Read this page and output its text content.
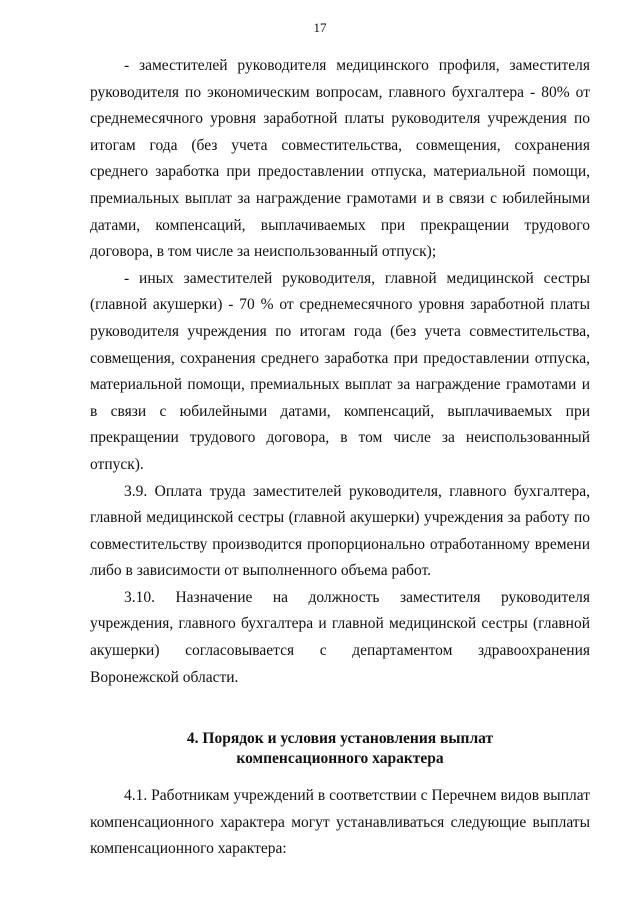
17

- заместителей руководителя медицинского профиля, заместителя руководителя по экономическим вопросам, главного бухгалтера - 80% от среднемесячного уровня заработной платы руководителя учреждения по итогам года (без учета совместительства, совмещения, сохранения среднего заработка при предоставлении отпуска, материальной помощи, премиальных выплат за награждение грамотами и в связи с юбилейными датами, компенсаций, выплачиваемых при прекращении трудового договора, в том числе за неиспользованный отпуск);

- иных заместителей руководителя, главной медицинской сестры (главной акушерки) - 70 % от среднемесячного уровня заработной платы руководителя учреждения по итогам года (без учета совместительства, совмещения, сохранения среднего заработка при предоставлении отпуска, материальной помощи, премиальных выплат за награждение грамотами и в связи с юбилейными датами, компенсаций, выплачиваемых при прекращении трудового договора, в том числе за неиспользованный отпуск).

3.9. Оплата труда заместителей руководителя, главного бухгалтера, главной медицинской сестры (главной акушерки) учреждения за работу по совместительству производится пропорционально отработанному времени либо в зависимости от выполненного объема работ.

3.10. Назначение на должность заместителя руководителя учреждения, главного бухгалтера и главной медицинской сестры (главной акушерки) согласовывается с департаментом здравоохранения Воронежской области.

4. Порядок и условия установления выплат
компенсационного характера

4.1. Работникам учреждений в соответствии с Перечнем видов выплат компенсационного характера могут устанавливаться следующие выплаты компенсационного характера:
